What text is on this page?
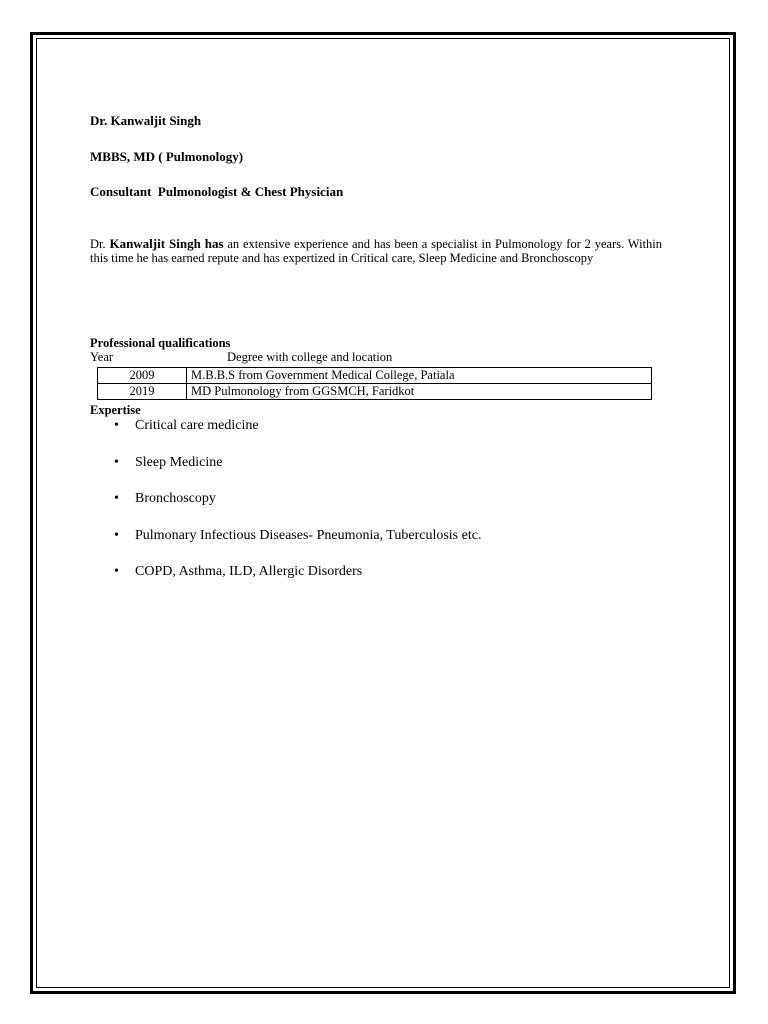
Dr. Kanwaljit Singh

MBBS, MD ( Pulmonology)

Consultant  Pulmonologist & Chest Physician

Dr. Kanwaljit Singh has an extensive experience and has been a specialist in Pulmonology for 2 years. Within this time he has earned repute and has expertized in Critical care, Sleep Medicine and Bronchoscopy

Professional qualifications

Year	Degree with college and location
2009	M.B.B.S from Government Medical College, Patiala
2019	MD Pulmonology from GGSMCH, Faridkot

Expertise

• Critical care medicine
• Sleep Medicine
• Bronchoscopy
• Pulmonary Infectious Diseases- Pneumonia, Tuberculosis etc.
• COPD, Asthma, ILD, Allergic Disorders
